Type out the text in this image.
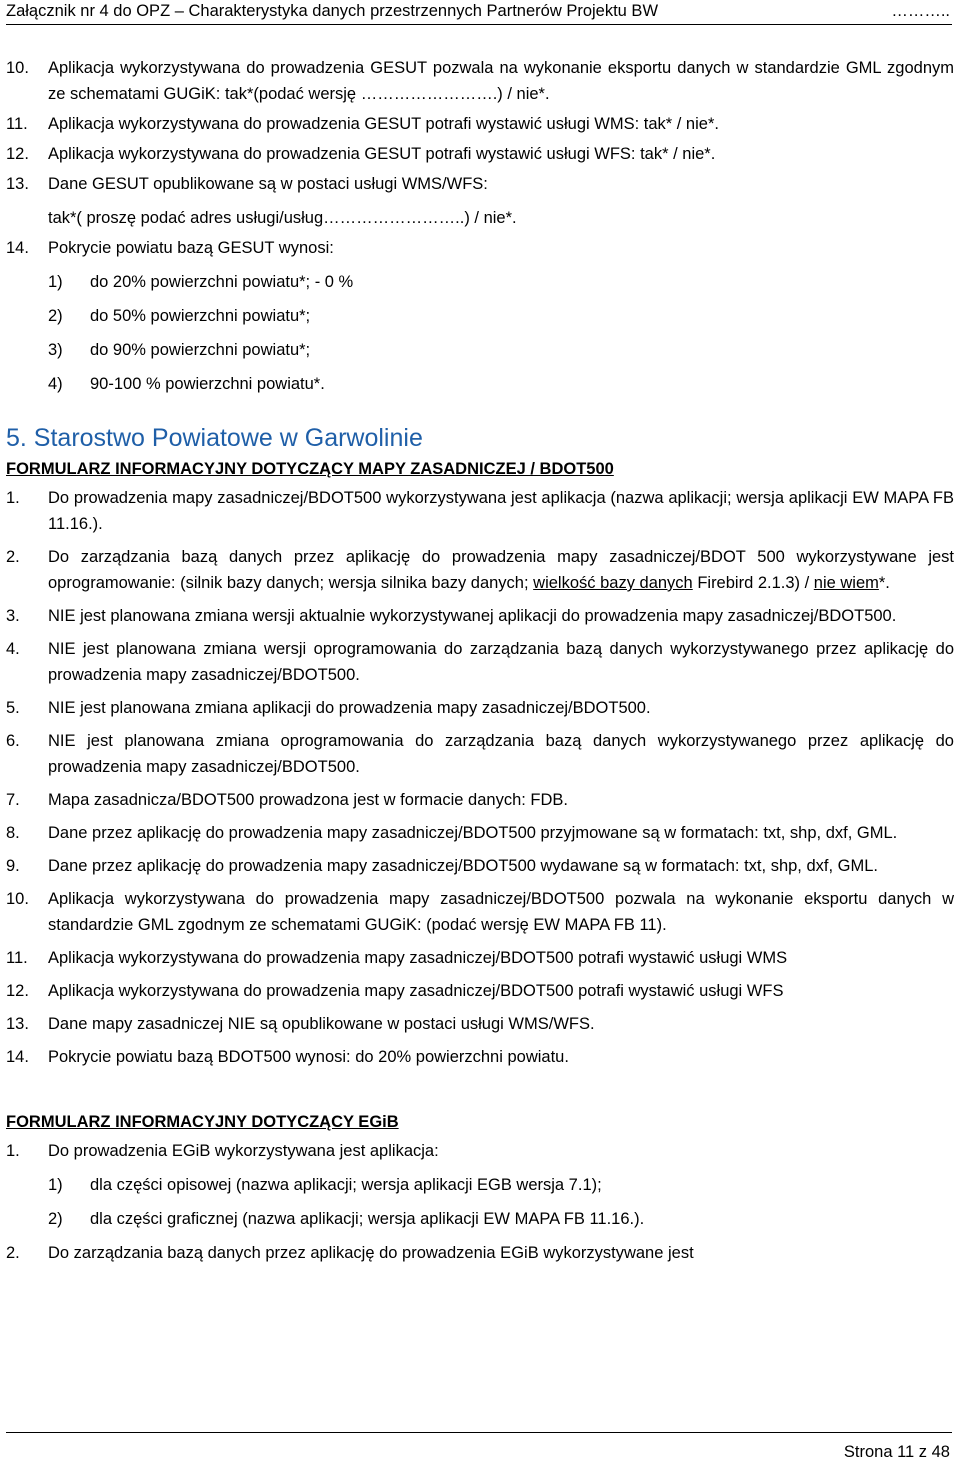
Załącznik nr 4 do OPZ – Charakterystyka danych przestrzennych Partnerów Projektu BW	………..
10.	Aplikacja wykorzystywana do prowadzenia GESUT pozwala na wykonanie eksportu danych w standardzie GML zgodnym ze schematami GUGiK: tak*(podać wersję …………………….) / nie*.
11.	Aplikacja wykorzystywana do prowadzenia GESUT potrafi wystawić usługi WMS: tak* / nie*.
12.	Aplikacja wykorzystywana do prowadzenia GESUT potrafi wystawić usługi WFS: tak* / nie*.
13.	Dane GESUT opublikowane są w postaci usługi WMS/WFS:
tak*( proszę podać adres usługi/usług……………………..) / nie*.
14.	Pokrycie powiatu bazą GESUT wynosi:
1) do 20% powierzchni powiatu*; - 0 %
2) do 50% powierzchni powiatu*;
3) do 90% powierzchni powiatu*;
4) 90-100 % powierzchni powiatu*.
5. Starostwo Powiatowe w Garwolinie
FORMULARZ INFORMACYJNY DOTYCZĄCY MAPY ZASADNICZEJ / BDOT500
1.	Do prowadzenia mapy zasadniczej/BDOT500 wykorzystywana jest aplikacja (nazwa aplikacji; wersja aplikacji EW MAPA FB 11.16.).
2.	Do zarządzania bazą danych przez aplikację do prowadzenia mapy zasadniczej/BDOT 500 wykorzystywane jest oprogramowanie: (silnik bazy danych; wersja silnika bazy danych; wielkość bazy danych Firebird 2.1.3) / nie wiem*.
3.	NIE jest planowana zmiana wersji aktualnie wykorzystywanej aplikacji do prowadzenia mapy zasadniczej/BDOT500.
4.	NIE jest planowana zmiana wersji oprogramowania do zarządzania bazą danych wykorzystywanego przez aplikację do prowadzenia mapy zasadniczej/BDOT500.
5.	NIE jest planowana zmiana aplikacji do prowadzenia mapy zasadniczej/BDOT500.
6.	NIE jest planowana zmiana oprogramowania do zarządzania bazą danych wykorzystywanego przez aplikację do prowadzenia mapy zasadniczej/BDOT500.
7.	Mapa zasadnicza/BDOT500 prowadzona jest w formacie danych: FDB.
8.	Dane przez aplikację do prowadzenia mapy zasadniczej/BDOT500 przyjmowane są w formatach: txt, shp, dxf, GML.
9.	Dane przez aplikację do prowadzenia mapy zasadniczej/BDOT500 wydawane są w formatach: txt, shp, dxf, GML.
10.	Aplikacja wykorzystywana do prowadzenia mapy zasadniczej/BDOT500 pozwala na wykonanie eksportu danych w standardzie GML zgodnym ze schematami GUGiK: (podać wersję EW MAPA FB 11).
11.	Aplikacja wykorzystywana do prowadzenia mapy zasadniczej/BDOT500 potrafi wystawić usługi WMS
12.	Aplikacja wykorzystywana do prowadzenia mapy zasadniczej/BDOT500 potrafi wystawić usługi WFS
13.	Dane mapy zasadniczej NIE są opublikowane w postaci usługi WMS/WFS.
14.	Pokrycie powiatu bazą BDOT500 wynosi: do 20% powierzchni powiatu.
FORMULARZ INFORMACYJNY DOTYCZĄCY EGiB
1.	Do prowadzenia EGiB wykorzystywana jest aplikacja:
1) dla części opisowej (nazwa aplikacji; wersja aplikacji EGB wersja 7.1);
2) dla części graficznej (nazwa aplikacji; wersja aplikacji EW MAPA FB 11.16.).
2.	Do zarządzania bazą danych przez aplikację do prowadzenia EGiB wykorzystywane jest
Strona 11 z 48
